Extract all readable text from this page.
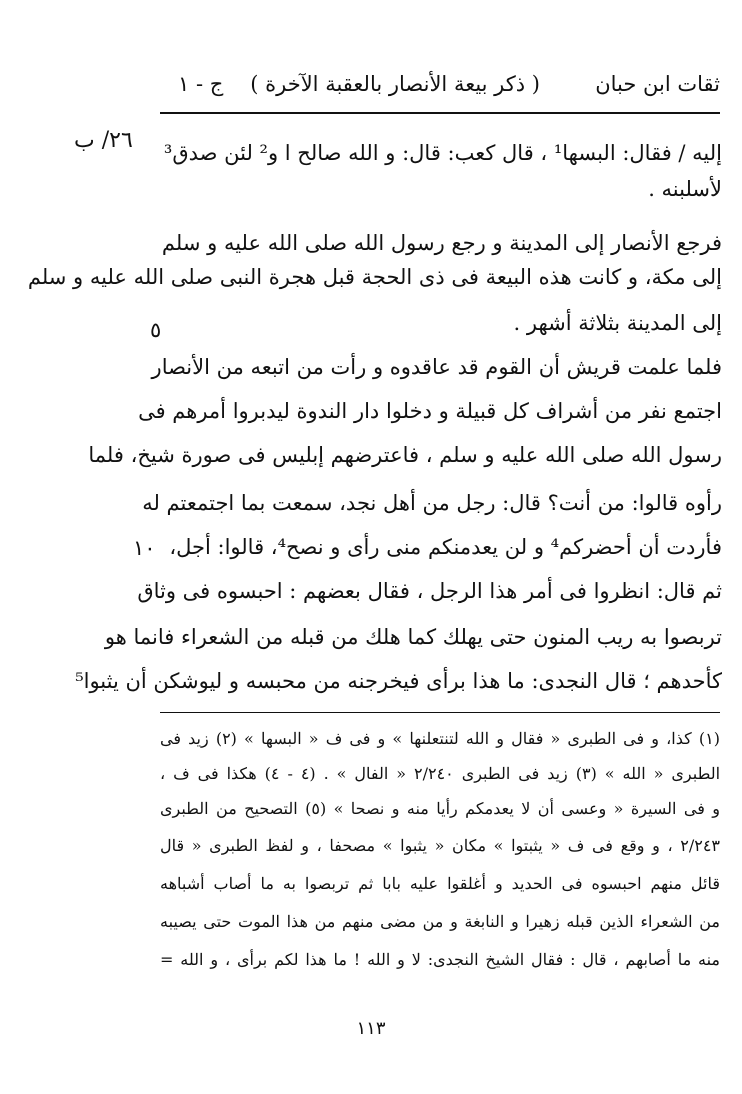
ثقات ابن حبان
( ذكر بيعة الأنصار بالعقبة الآخرة )
ج - ١
٢٦/ ب
٥
١٠
إليه / فقال: البسها¹ ، قال كعب: قال: و الله صالح ا و² لئن صدق³
لأسلبنه .
فرجع الأنصار إلى المدينة و رجع رسول الله صلى الله عليه و سلم
إلى مكة، و كانت هذه البيعة فى ذى الحجة قبل هجرة النبى صلى الله عليه و سلم
إلى المدينة بثلاثة أشهر .
فلما علمت قريش أن القوم قد عاقدوه و رأت من اتبعه من الأنصار
اجتمع نفر من أشراف كل قبيلة و دخلوا دار الندوة ليدبروا أمرهم فى
رسول الله صلى الله عليه و سلم ، فاعترضهم إبليس فى صورة شيخ، فلما
رأوه قالوا: من أنت؟ قال: رجل من أهل نجد، سمعت بما اجتمعتم له
فأردت أن أحضركم⁴ و لن يعدمنكم منى رأى و نصح⁴، قالوا: أجل،
ثم قال: انظروا فى أمر هذا الرجل ، فقال بعضهم : احبسوه فى وثاق
تربصوا به ريب المنون حتى يهلك كما هلك من قبله من الشعراء فانما هو
كأحدهم ؛ قال النجدى: ما هذا برأى فيخرجنه من محبسه و ليوشكن أن يثبوا⁵
(١) كذا، و فى الطبرى « فقال و الله لتنتعلنها » و فى ف « البسها » (٢) زيد فى
الطبرى « الله » (٣) زيد فى الطبرى ٢/٢٤٠ « الفال » . (٤ - ٤) هكذا فى ف ،
و فى السيرة « وعسى أن لا يعدمكم رأيا منه و نصحا » (٥) التصحيح من الطبرى
٢/٢٤٣ ، و وقع فى ف « يثبتوا » مكان « يثبوا » مصحفا ، و لفظ الطبرى « قال
قائل منهم احبسوه فى الحديد و أغلقوا عليه بابا ثم تربصوا به ما أصاب أشباهه
من الشعراء الذين قبله زهيرا و النابغة و من مضى منهم من هذا الموت حتى يصيبه
منه ما أصابهم ، قال : فقال الشيخ النجدى: لا و الله ! ما هذا لكم برأى ، و الله =
١١٣
